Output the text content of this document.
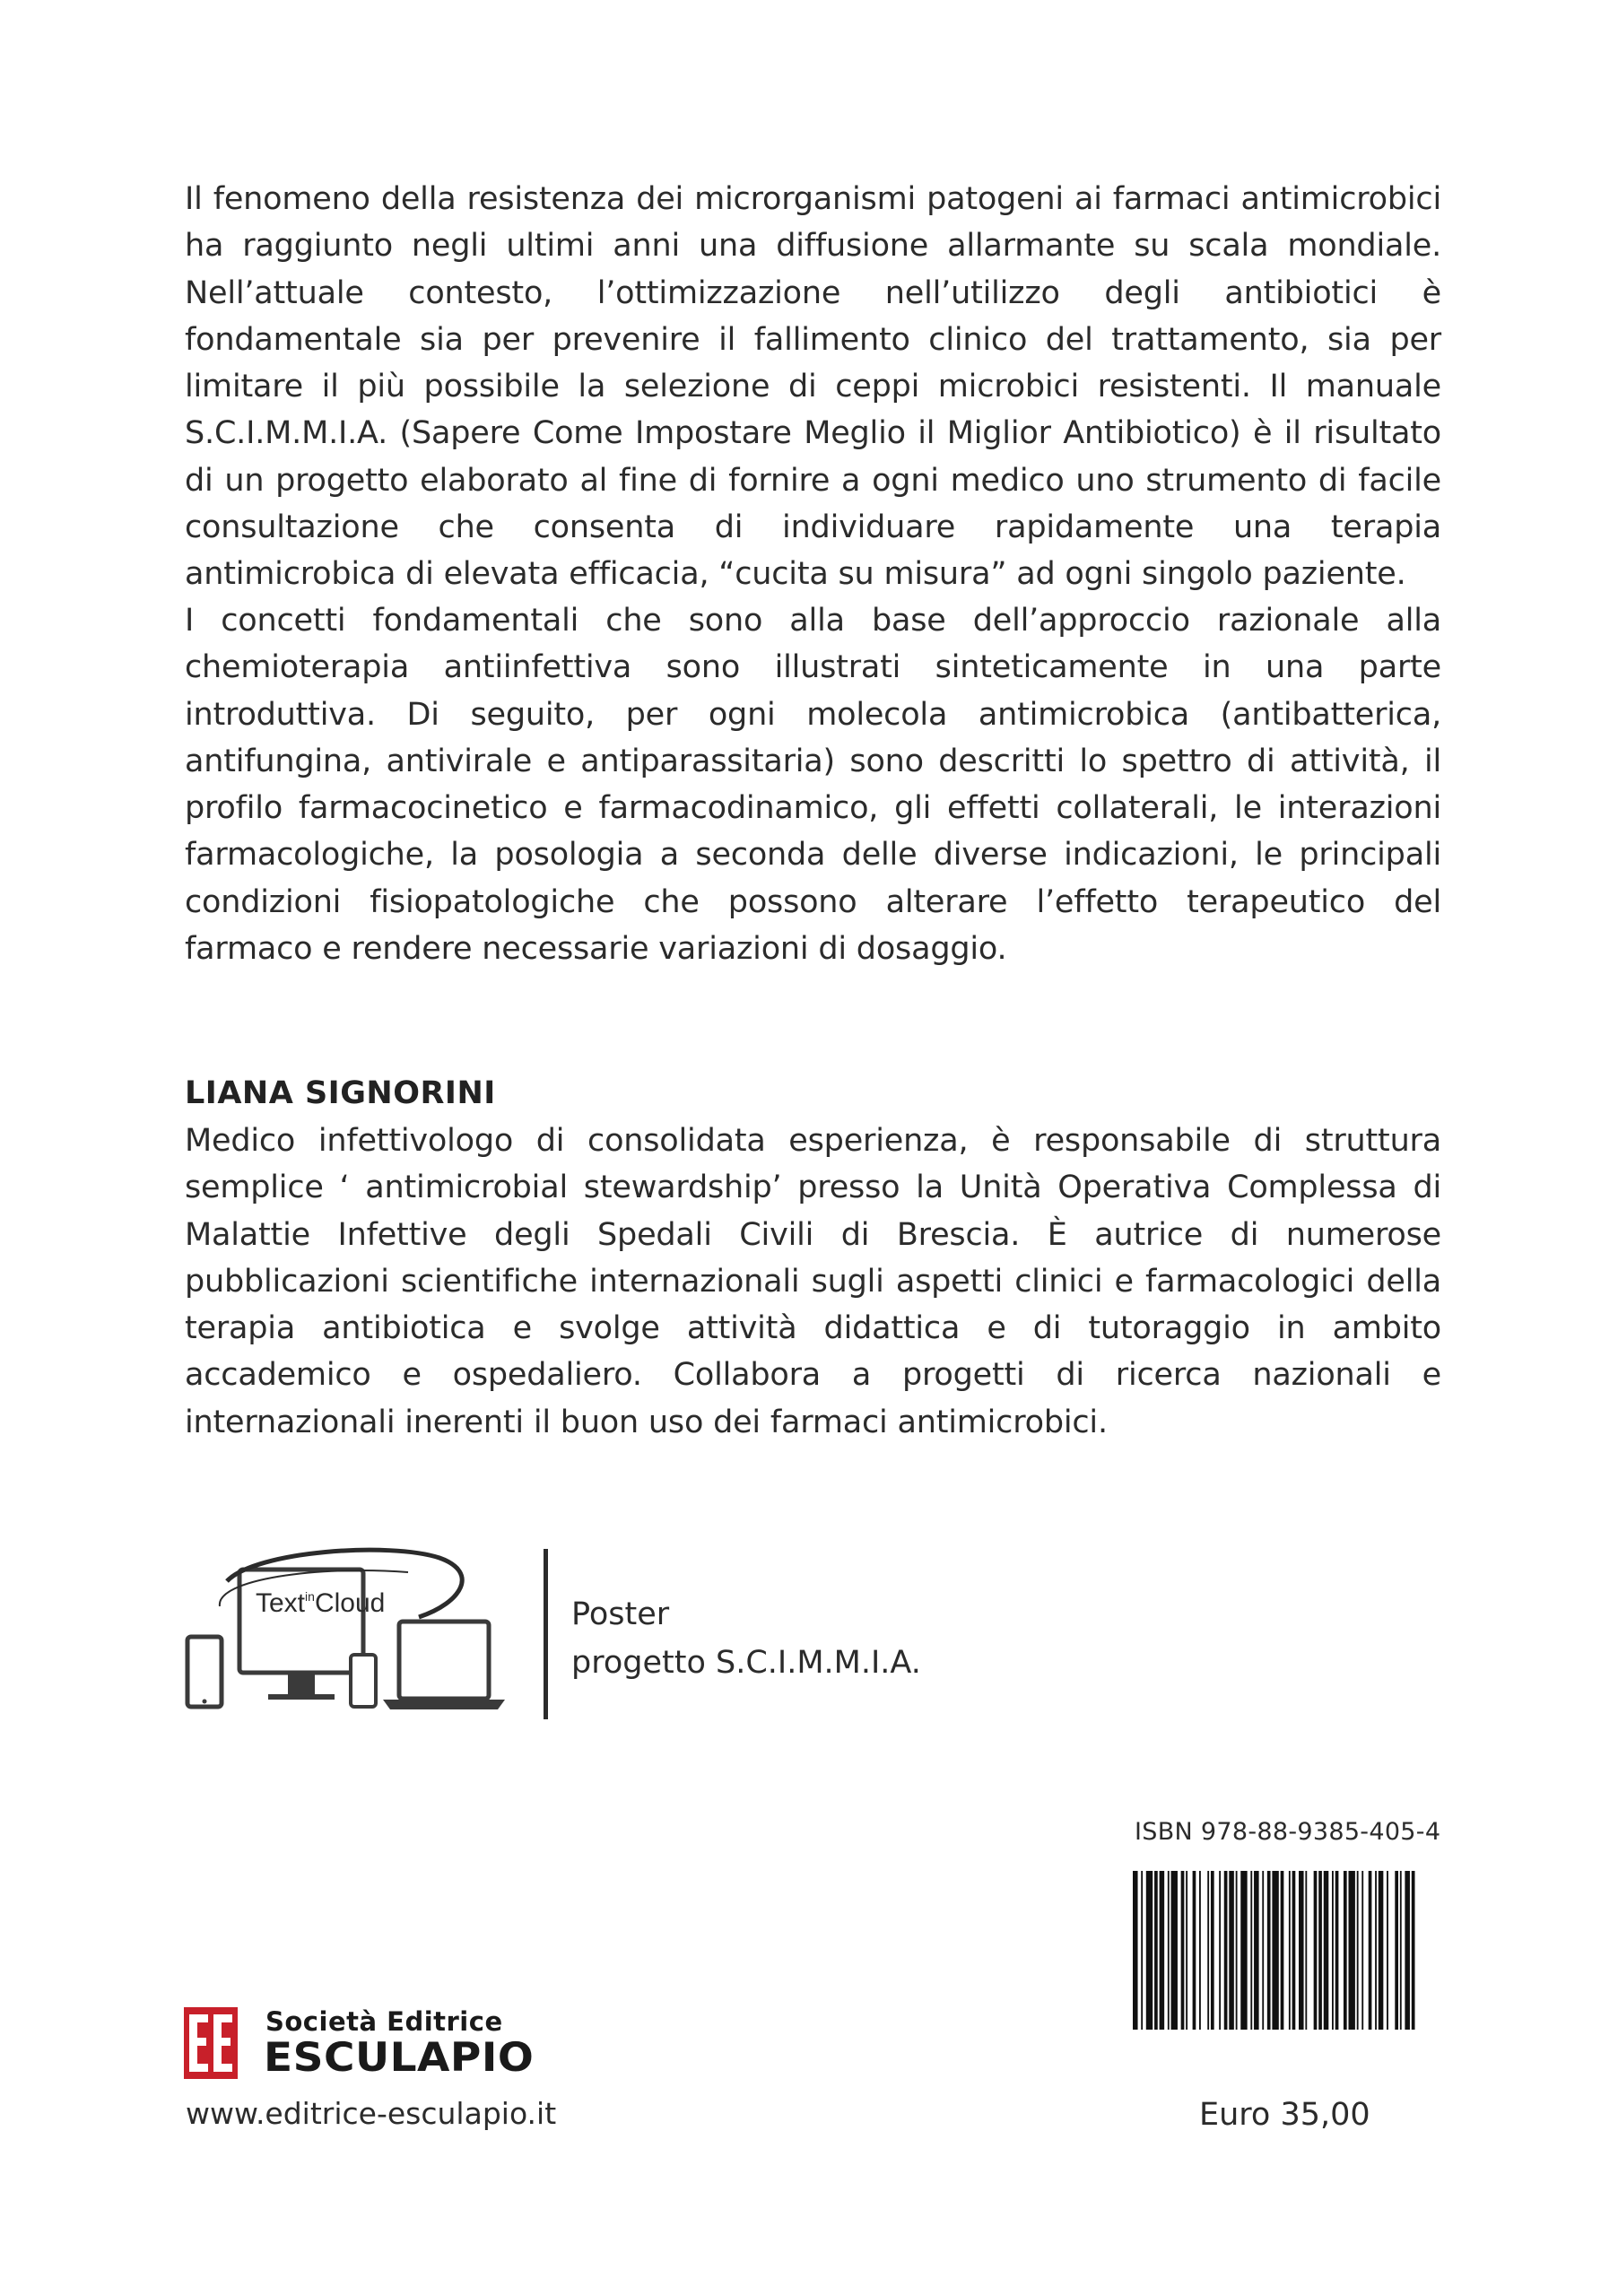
Il fenomeno della resistenza dei microrganismi patogeni ai farmaci antimicrobici ha raggiunto negli ultimi anni una diffusione allarmante su scala mondiale. Nell’attuale contesto, l’ottimizzazione nell’utilizzo degli antibiotici è fondamentale sia per prevenire il fallimento clinico del trattamento, sia per limitare il più possibile la selezione di ceppi microbici resistenti. Il manuale S.C.I.M.M.I.A. (Sapere Come Impostare Meglio il Miglior Antibiotico) è il risultato di un progetto elaborato al fine di fornire a ogni medico uno strumento di facile consultazione che consenta di individuare rapidamente una terapia antimicrobica di elevata efficacia, “cucita su misura” ad ogni singolo paziente.

I concetti fondamentali che sono alla base dell’approccio razionale alla chemioterapia antiinfettiva sono illustrati sinteticamente in una parte introduttiva. Di seguito, per ogni molecola antimicrobica (antibatterica, antifungina, antivirale e antiparassitaria) sono descritti lo spettro di attività, il profilo farmacocinetico e farmacodinamico, gli effetti collaterali, le interazioni farmacologiche, la posologia a seconda delle diverse indicazioni, le principali condizioni fisiopatologiche che possono alterare l’effetto terapeutico del farmaco e rendere necessarie variazioni di dosaggio.

LIANA SIGNORINI

Medico infettivologo di consolidata esperienza, è responsabile di struttura semplice ‘ antimicrobial stewardship’ presso la Unità Operativa Complessa di Malattie Infettive degli Spedali Civili di Brescia. È autrice di numerose pubblicazioni scientifiche internazionali sugli aspetti clinici e farmacologici della terapia antibiotica e svolge attività didattica e di tutoraggio in ambito accademico e ospedaliero. Collabora a progetti di ricerca nazionali e internazionali inerenti il buon uso dei farmaci antimicrobici.

Text$^{in}$Cloud	Poster

progetto S.C.I.M.M.I.A.

ISBN 978-88-9385-405-4

Euro 35,00

Società Editrice

ESCULAPIO

www.editrice-esculapio.it
